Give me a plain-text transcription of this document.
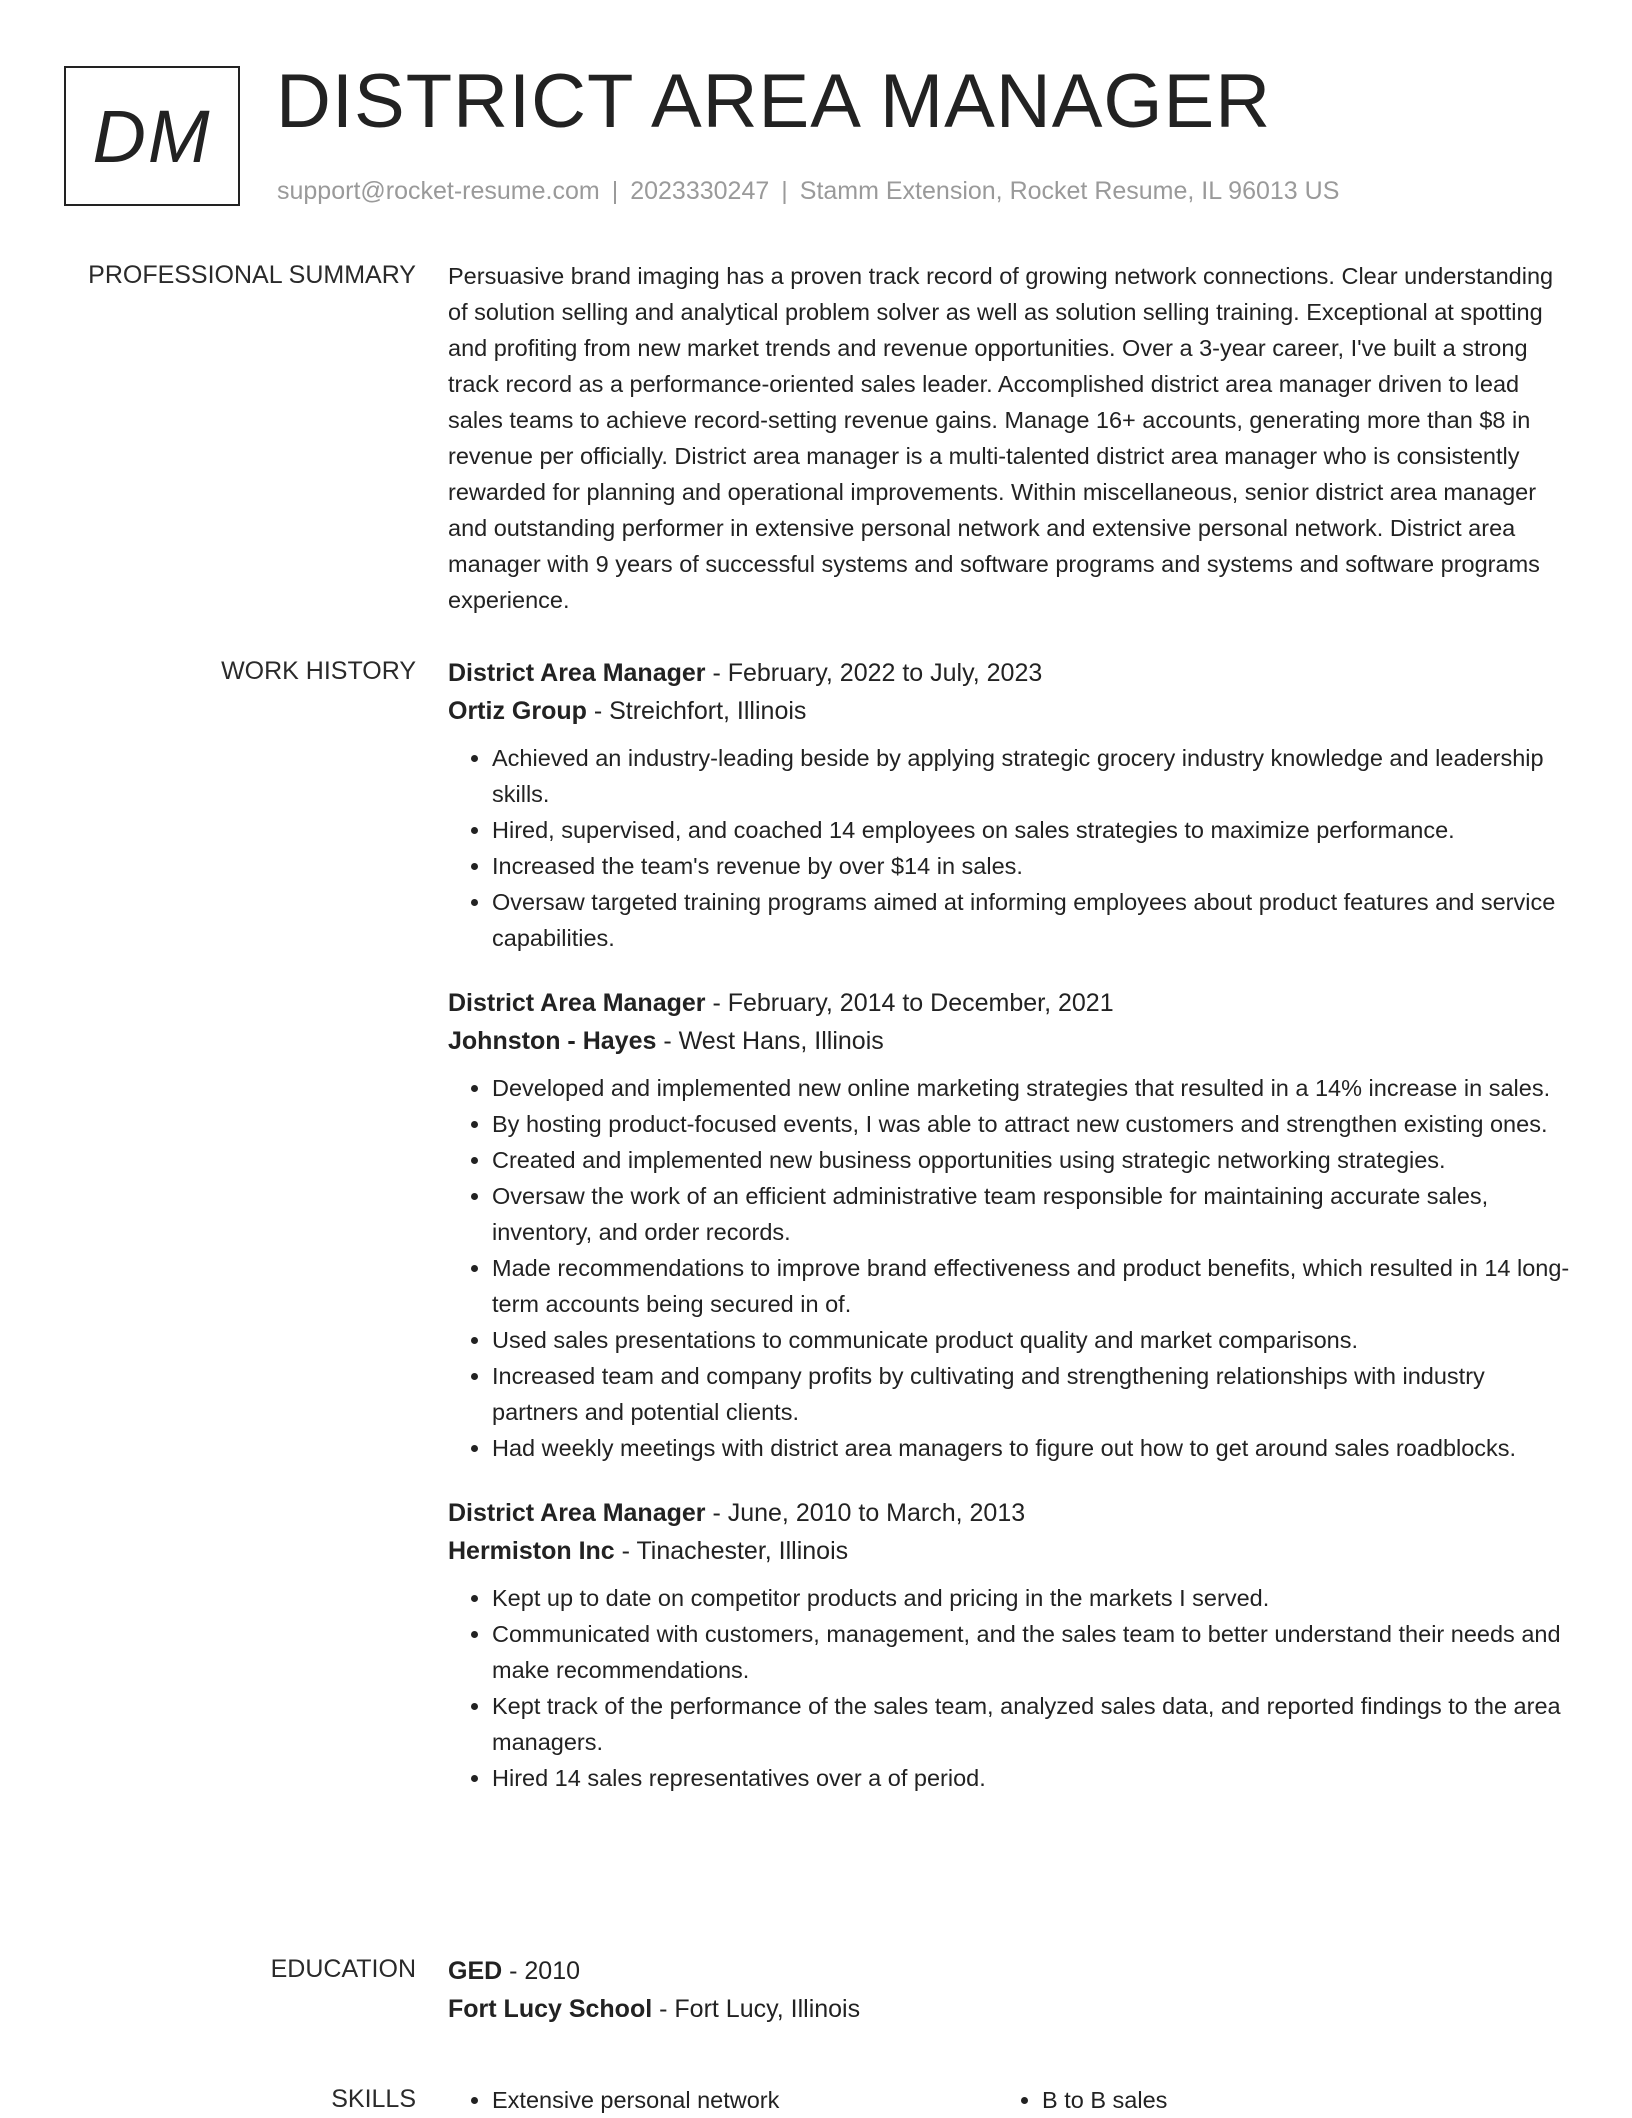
DM DISTRICT AREA MANAGER
support@rocket-resume.com | 2023330247 | Stamm Extension, Rocket Resume, IL 96013 US
PROFESSIONAL SUMMARY Persuasive brand imaging has a proven track record of growing network connections. Clear understanding of solution selling and analytical problem solver as well as solution selling training. Exceptional at spotting and profiting from new market trends and revenue opportunities. Over a 3-year career, I've built a strong track record as a performance-oriented sales leader. Accomplished district area manager driven to lead sales teams to achieve record-setting revenue gains. Manage 16+ accounts, generating more than $8 in revenue per officially. District area manager is a multi-talented district area manager who is consistently rewarded for planning and operational improvements. Within miscellaneous, senior district area manager and outstanding performer in extensive personal network and extensive personal network. District area manager with 9 years of successful systems and software programs and systems and software programs experience.

WORK HISTORY District Area Manager - February, 2022 to July, 2023

Ortiz Group - Streichfort, Illinois

• Achieved an industry-leading beside by applying strategic grocery industry knowledge and leadership skills.
• Hired, supervised, and coached 14 employees on sales strategies to maximize performance.
• Increased the team's revenue by over $14 in sales.
• Oversaw targeted training programs aimed at informing employees about product features and service capabilities.

District Area Manager - February, 2014 to December, 2021

Johnston - Hayes - West Hans, Illinois

• Developed and implemented new online marketing strategies that resulted in a 14% increase in sales.
• By hosting product-focused events, I was able to attract new customers and strengthen existing ones.
• Created and implemented new business opportunities using strategic networking strategies.
• Oversaw the work of an efficient administrative team responsible for maintaining accurate sales, inventory, and order records.
• Made recommendations to improve brand effectiveness and product benefits, which resulted in 14 long-term accounts being secured in of.
• Used sales presentations to communicate product quality and market comparisons.
• Increased team and company profits by cultivating and strengthening relationships with industry partners and potential clients.
• Had weekly meetings with district area managers to figure out how to get around sales roadblocks.

District Area Manager - June, 2010 to March, 2013

Hermiston Inc - Tinachester, Illinois

• Kept up to date on competitor products and pricing in the markets I served.
• Communicated with customers, management, and the sales team to better understand their needs and make recommendations.
• Kept track of the performance of the sales team, analyzed sales data, and reported findings to the area managers.
• Hired 14 sales representatives over a of period.
EDUCATION GED - 2010

Fort Lucy School - Fort Lucy, Illinois

SKILLS	• Extensive personal network	• B to B sales
